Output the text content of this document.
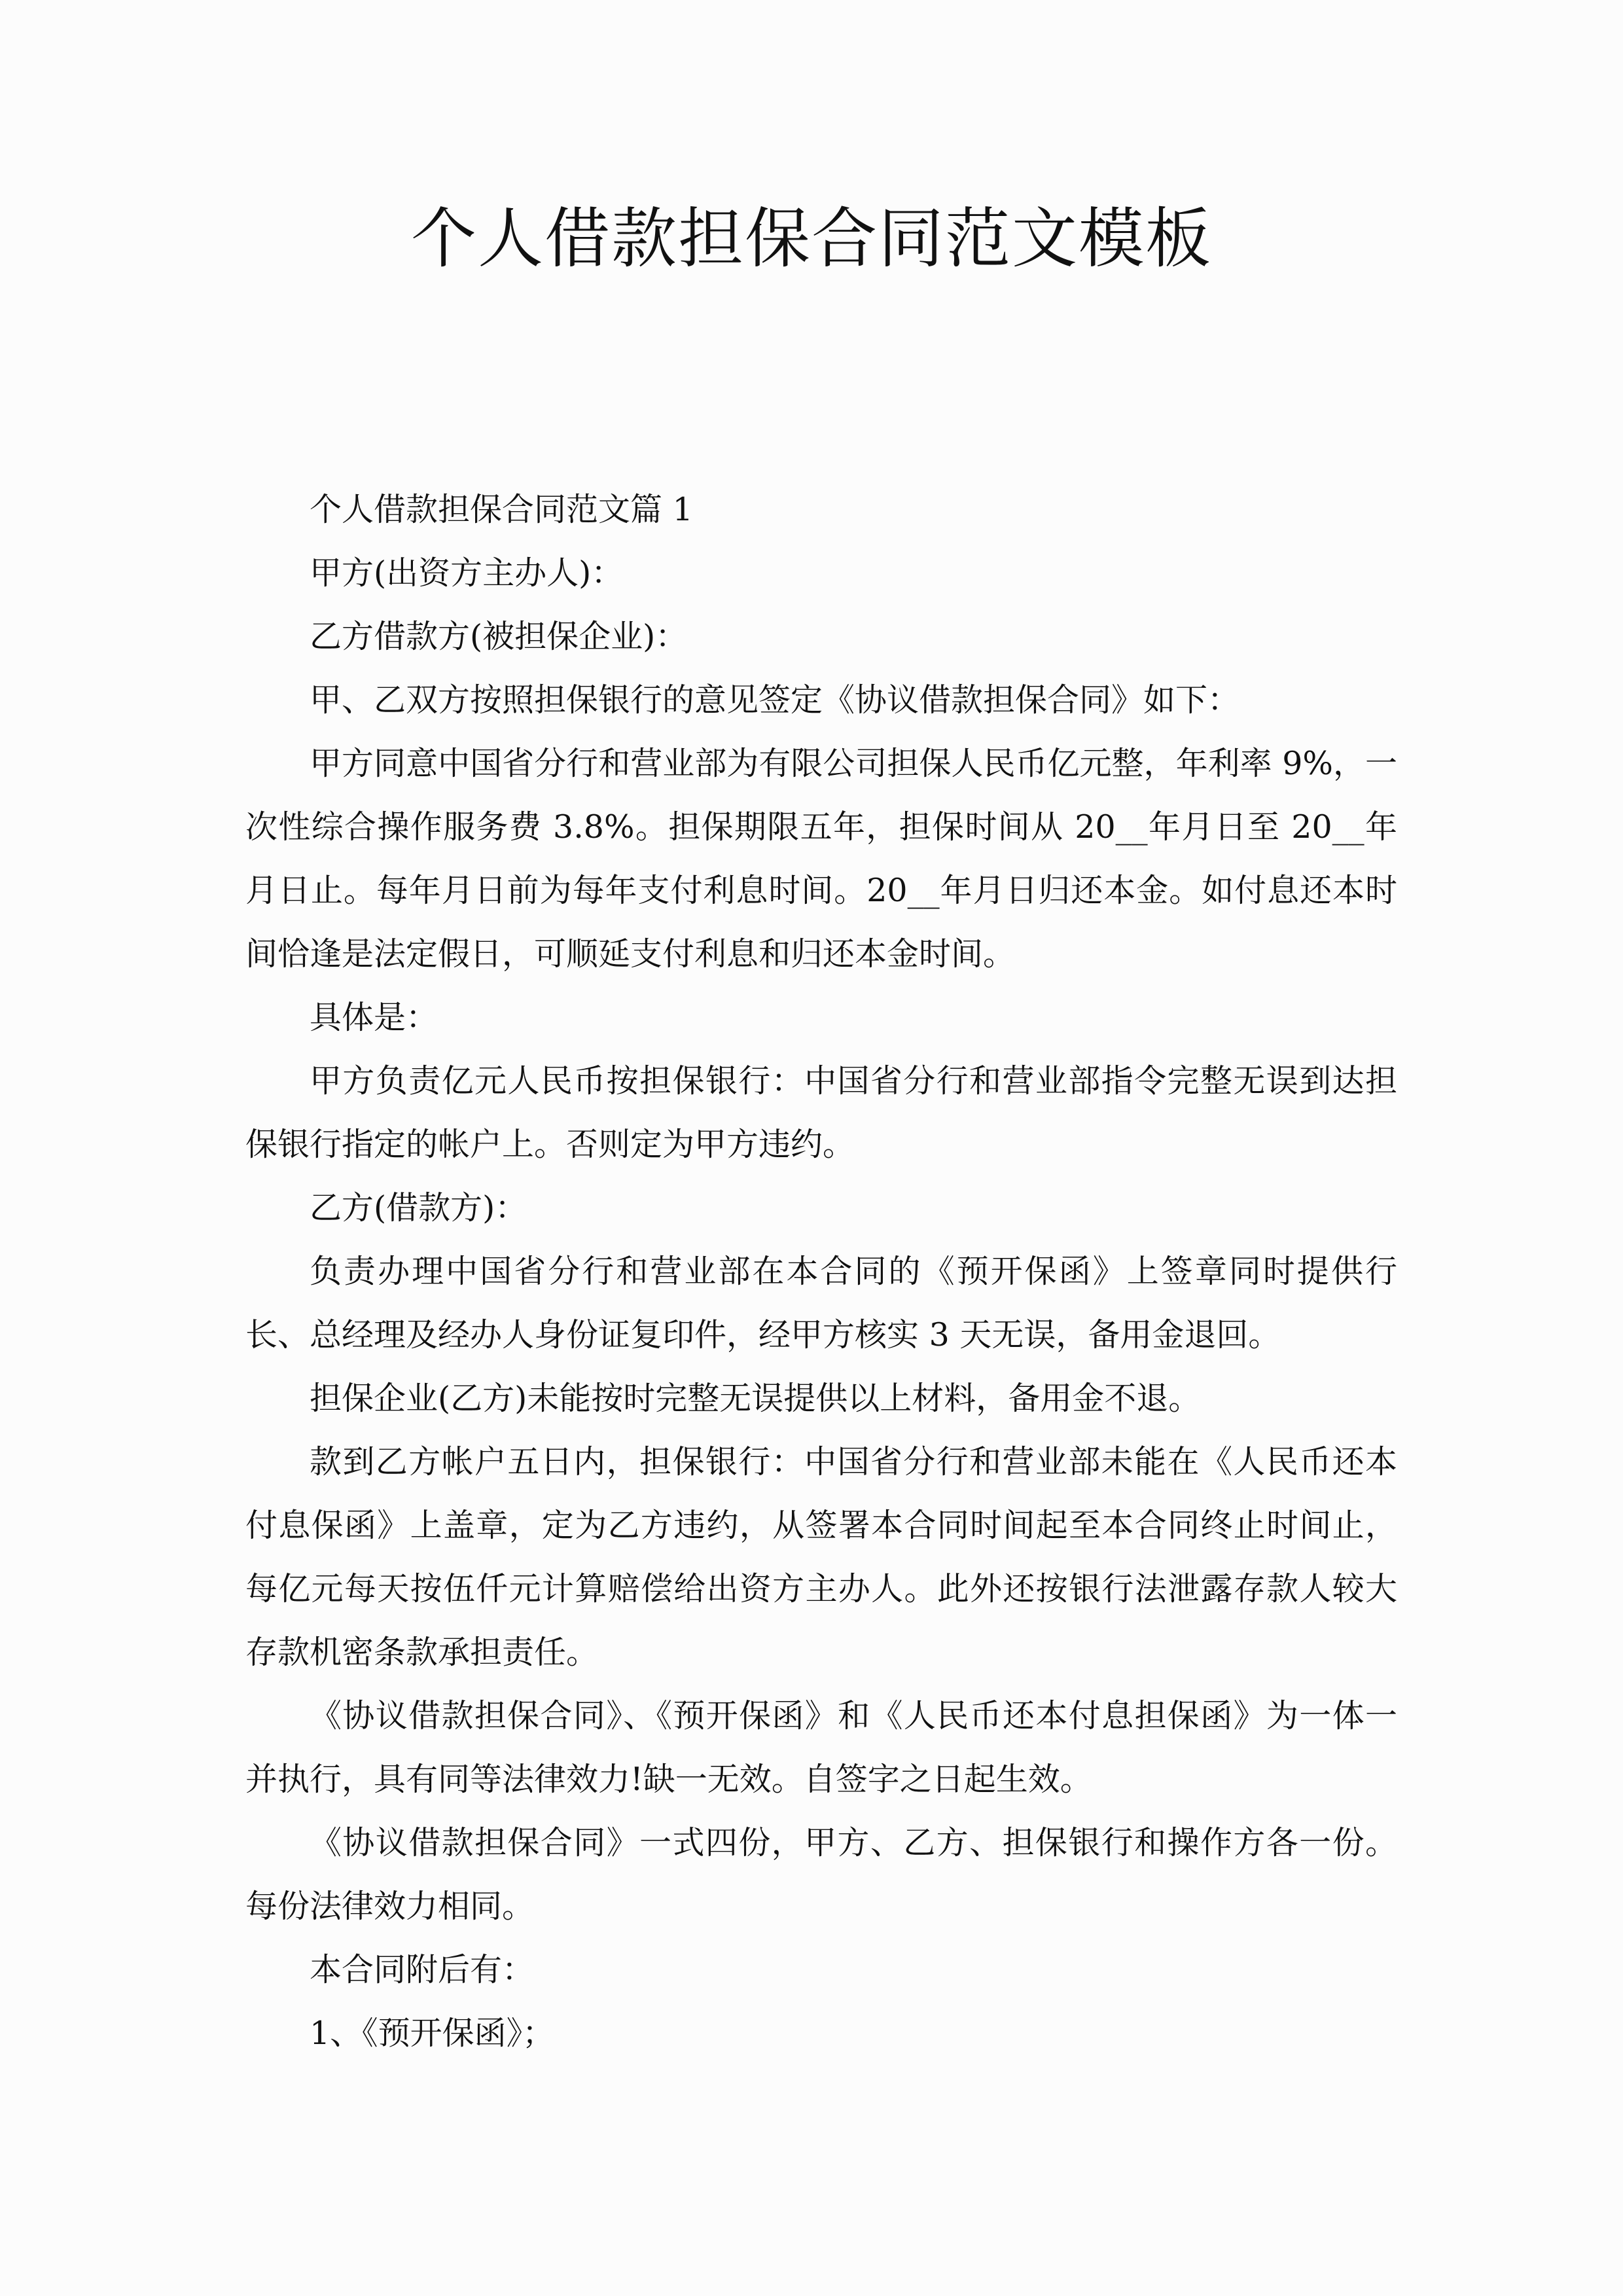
个人借款担保合同范文模板

个人借款担保合同范文篇 1

甲方(出资方主办人)：

乙方借款方(被担保企业)：

甲、乙双方按照担保银行的意见签定《协议借款担保合同》如下：

甲方同意中国省分行和营业部为有限公司担保人民币亿元整，年利率 9%，一次性综合操作服务费 3.8%。担保期限五年，担保时间从 20__年月日至 20__年月日止。每年月日前为每年支付利息时间。20__年月日归还本金。如付息还本时间恰逢是法定假日，可顺延支付利息和归还本金时间。

具体是：

甲方负责亿元人民币按担保银行：中国省分行和营业部指令完整无误到达担保银行指定的帐户上。否则定为甲方违约。

乙方(借款方)：

负责办理中国省分行和营业部在本合同的《预开保函》上签章同时提供行长、总经理及经办人身份证复印件，经甲方核实 3 天无误，备用金退回。

担保企业(乙方)未能按时完整无误提供以上材料，备用金不退。

款到乙方帐户五日内，担保银行：中国省分行和营业部未能在《人民币还本付息保函》上盖章，定为乙方违约，从签署本合同时间起至本合同终止时间止，每亿元每天按伍仟元计算赔偿给出资方主办人。此外还按银行法泄露存款人较大存款机密条款承担责任。

《协议借款担保合同》、《预开保函》和《人民币还本付息担保函》为一体一并执行，具有同等法律效力!缺一无效。自签字之日起生效。

《协议借款担保合同》一式四份，甲方、乙方、担保银行和操作方各一份。每份法律效力相同。

本合同附后有：

1、《预开保函》；
